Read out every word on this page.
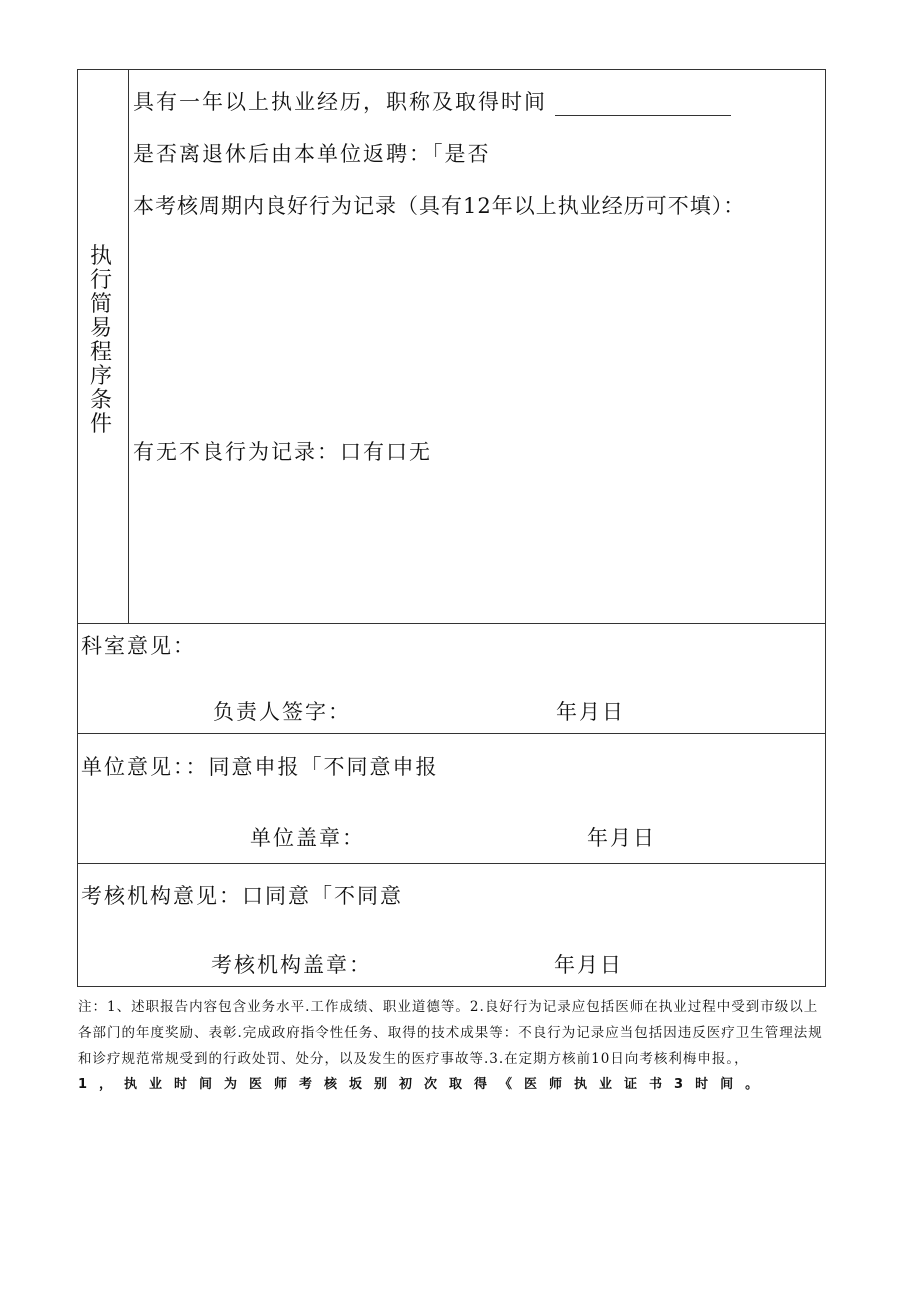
执
行
简
易
程
序
条
件
具有一年以上执业经历，职称及取得时间
是否离退休后由本单位返聘：「是否
本考核周期内良好行为记录（具有12年以上执业经历可不填）：
有无不良行为记录：口有口无
科室意见：
负责人签字：	年月日
单位意见：：同意申报「不同意申报
单位盖章：	年月日
考核机构意见：口同意「不同意
考核机构盖章：	年月日
注：1、述职报告内容包含业务水平.工作成绩、职业道德等。2.良好行为记录应包括医师在执业过程中受到市级以上各部门的年度奖励、表彰.完成政府指令性任务、取得的技术成果等：不良行为记录应当包括因违反医疗卫生管理法规和诊疗规范常规受到的行政处罚、处分，以及发生的医疗事故等.3.在定期方核前10日向考核利梅申报。，
1，执业时间为医师考核坂别初次取得《医师执业证书3时间。
